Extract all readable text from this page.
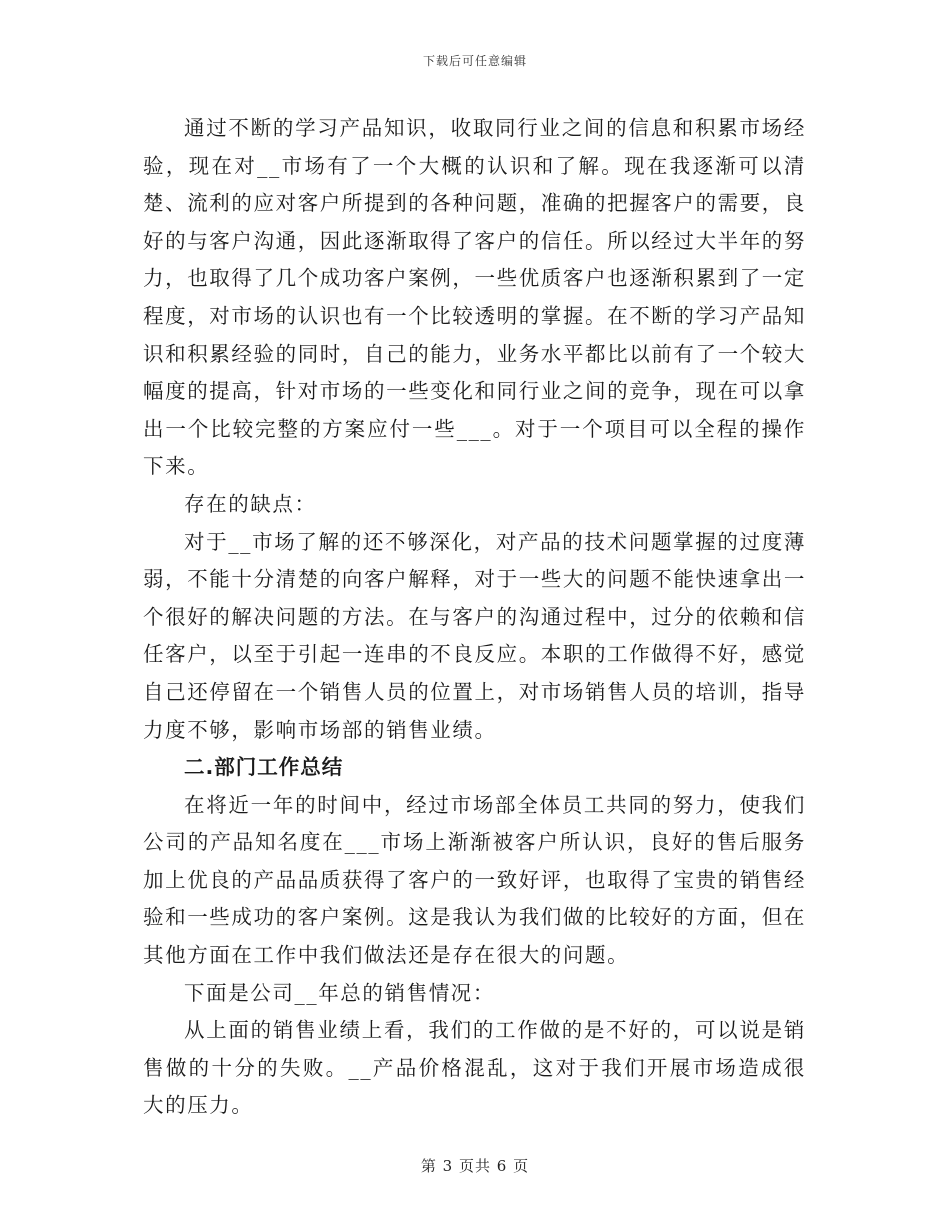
下载后可任意编辑

通过不断的学习产品知识，收取同行业之间的信息和积累市场经验，现在对__市场有了一个大概的认识和了解。现在我逐渐可以清楚、流利的应对客户所提到的各种问题，准确的把握客户的需要，良好的与客户沟通，因此逐渐取得了客户的信任。所以经过大半年的努力，也取得了几个成功客户案例，一些优质客户也逐渐积累到了一定程度，对市场的认识也有一个比较透明的掌握。在不断的学习产品知识和积累经验的同时，自己的能力，业务水平都比以前有了一个较大幅度的提高，针对市场的一些变化和同行业之间的竞争，现在可以拿出一个比较完整的方案应付一些___。对于一个项目可以全程的操作下来。

存在的缺点：

对于__市场了解的还不够深化，对产品的技术问题掌握的过度薄弱，不能十分清楚的向客户解释，对于一些大的问题不能快速拿出一个很好的解决问题的方法。在与客户的沟通过程中，过分的依赖和信任客户，以至于引起一连串的不良反应。本职的工作做得不好，感觉自己还停留在一个销售人员的位置上，对市场销售人员的培训，指导力度不够，影响市场部的销售业绩。

二.部门工作总结

在将近一年的时间中，经过市场部全体员工共同的努力，使我们公司的产品知名度在___市场上渐渐被客户所认识，良好的售后服务加上优良的产品品质获得了客户的一致好评，也取得了宝贵的销售经验和一些成功的客户案例。这是我认为我们做的比较好的方面，但在其他方面在工作中我们做法还是存在很大的问题。

下面是公司__年总的销售情况：

从上面的销售业绩上看，我们的工作做的是不好的，可以说是销售做的十分的失败。__产品价格混乱，这对于我们开展市场造成很大的压力。

第 3 页共 6 页
